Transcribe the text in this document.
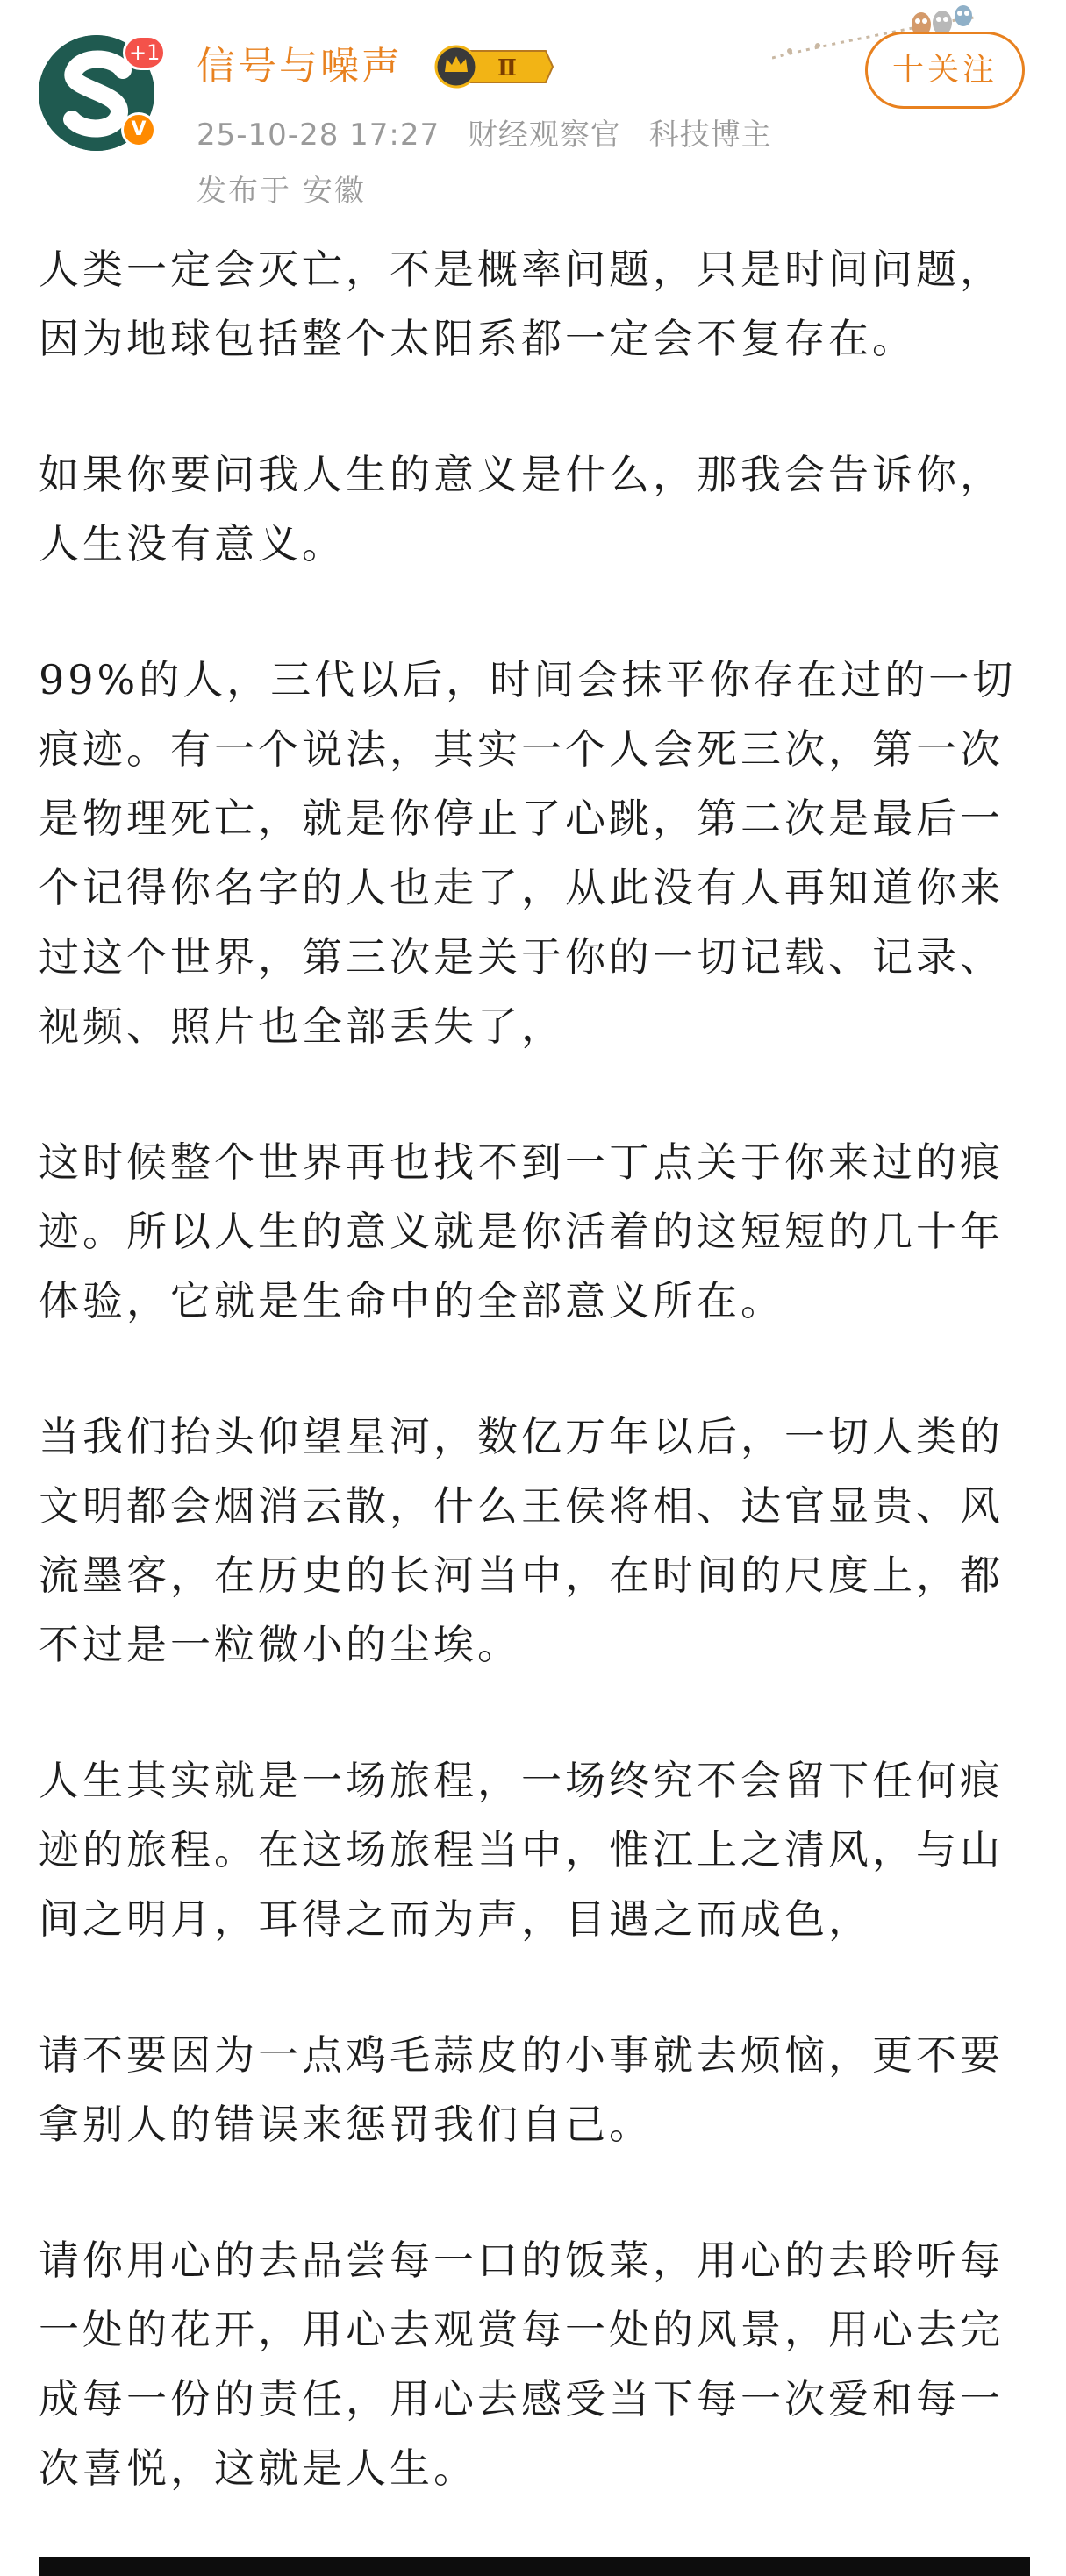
+1
V
信号与噪声	Ⅱ
25-10-28 17:27 财经观察官 科技博主
发布于 安徽
十关注

人类一定会灭亡，不是概率问题，只是时间问题，因为地球包括整个太阳系都一定会不复存在。

如果你要问我人生的意义是什么，那我会告诉你，人生没有意义。

99%的人，三代以后，时间会抹平你存在过的一切痕迹。有一个说法，其实一个人会死三次，第一次是物理死亡，就是你停止了心跳，第二次是最后一个记得你名字的人也走了，从此没有人再知道你来过这个世界，第三次是关于你的一切记载、记录、视频、照片也全部丢失了，

这时候整个世界再也找不到一丁点关于你来过的痕迹。所以人生的意义就是你活着的这短短的几十年体验，它就是生命中的全部意义所在。

当我们抬头仰望星河，数亿万年以后，一切人类的文明都会烟消云散，什么王侯将相、达官显贵、风流墨客，在历史的长河当中，在时间的尺度上，都不过是一粒微小的尘埃。

人生其实就是一场旅程，一场终究不会留下任何痕迹的旅程。在这场旅程当中，惟江上之清风，与山间之明月，耳得之而为声，目遇之而成色，

请不要因为一点鸡毛蒜皮的小事就去烦恼，更不要拿别人的错误来惩罚我们自己。

请你用心的去品尝每一口的饭菜，用心的去聆听每一处的花开，用心去观赏每一处的风景，用心去完成每一份的责任，用心去感受当下每一次爱和每一次喜悦，这就是人生。
